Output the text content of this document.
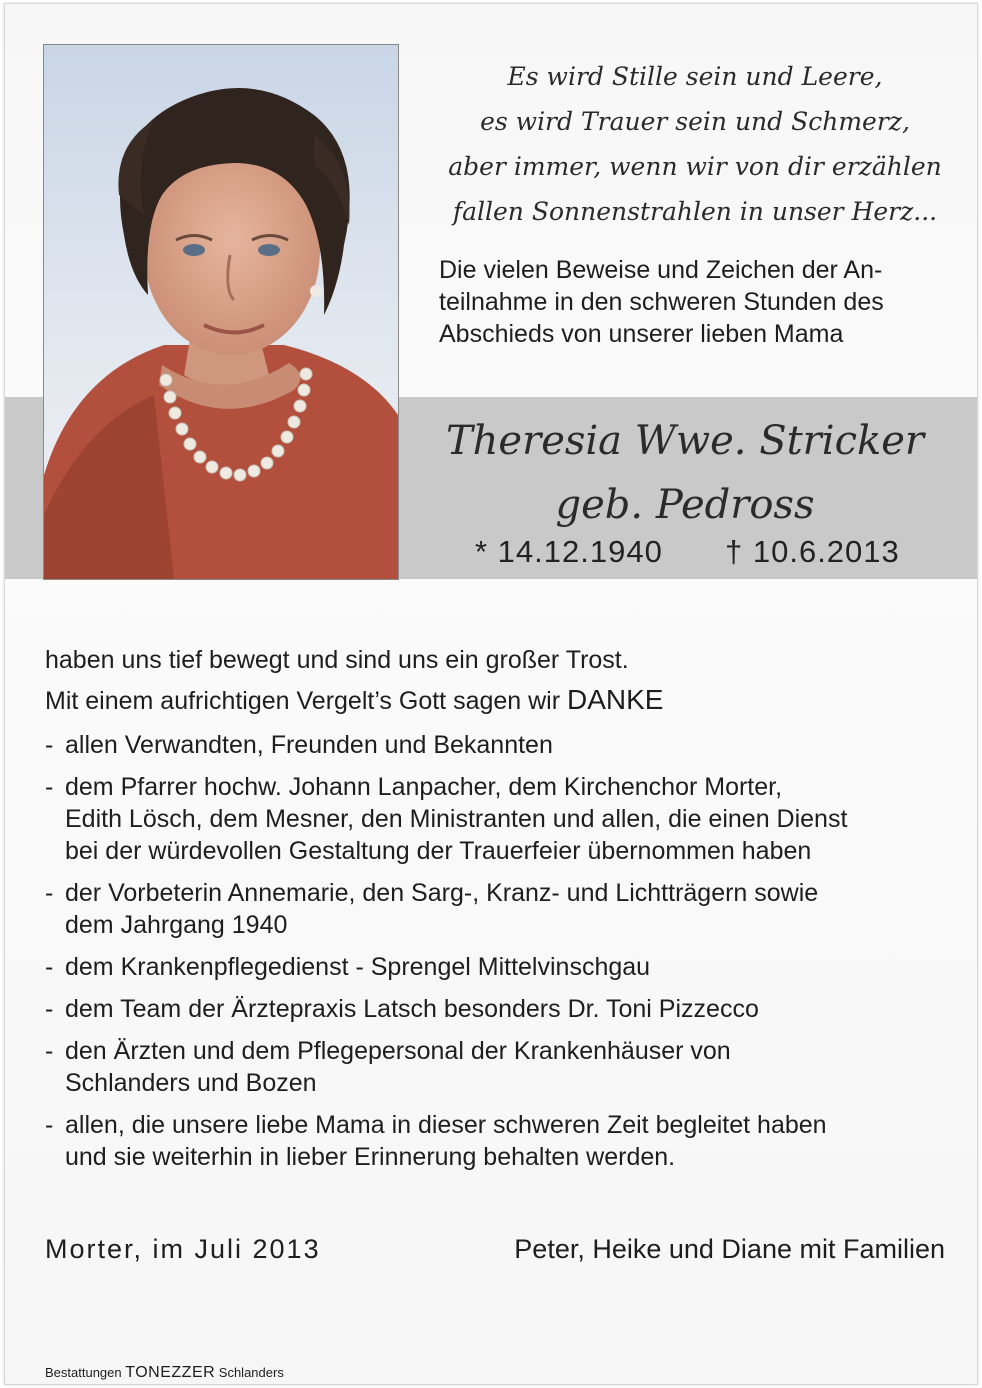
Es wird Stille sein und Leere,
es wird Trauer sein und Schmerz,
aber immer, wenn wir von dir erzählen
fallen Sonnenstrahlen in unser Herz...
Die vielen Beweise und Zeichen der An-
teilnahme in den schweren Stunden des
Abschieds von unserer lieben Mama
Theresia Wwe. Stricker
geb. Pedross
* 14.12.1940 † 10.6.2013
haben uns tief bewegt und sind uns ein großer Trost.
Mit einem aufrichtigen Vergelt’s Gott sagen wir DANKE
- allen Verwandten, Freunden und Bekannten
- dem Pfarrer hochw. Johann Lanpacher, dem Kirchenchor Morter,
Edith Lösch, dem Mesner, den Ministranten und allen, die einen Dienst
bei der würdevollen Gestaltung der Trauerfeier übernommen haben
- der Vorbeterin Annemarie, den Sarg-, Kranz- und Lichtträgern sowie
dem Jahrgang 1940
- dem Krankenpflegedienst - Sprengel Mittelvinschgau
- dem Team der Ärztepraxis Latsch besonders Dr. Toni Pizzecco
- den Ärzten und dem Pflegepersonal der Krankenhäuser von
Schlanders und Bozen
- allen, die unsere liebe Mama in dieser schweren Zeit begleitet haben
und sie weiterhin in lieber Erinnerung behalten werden.
Morter, im Juli 2013	Peter, Heike und Diane mit Familien
Bestattungen TONEZZER Schlanders
